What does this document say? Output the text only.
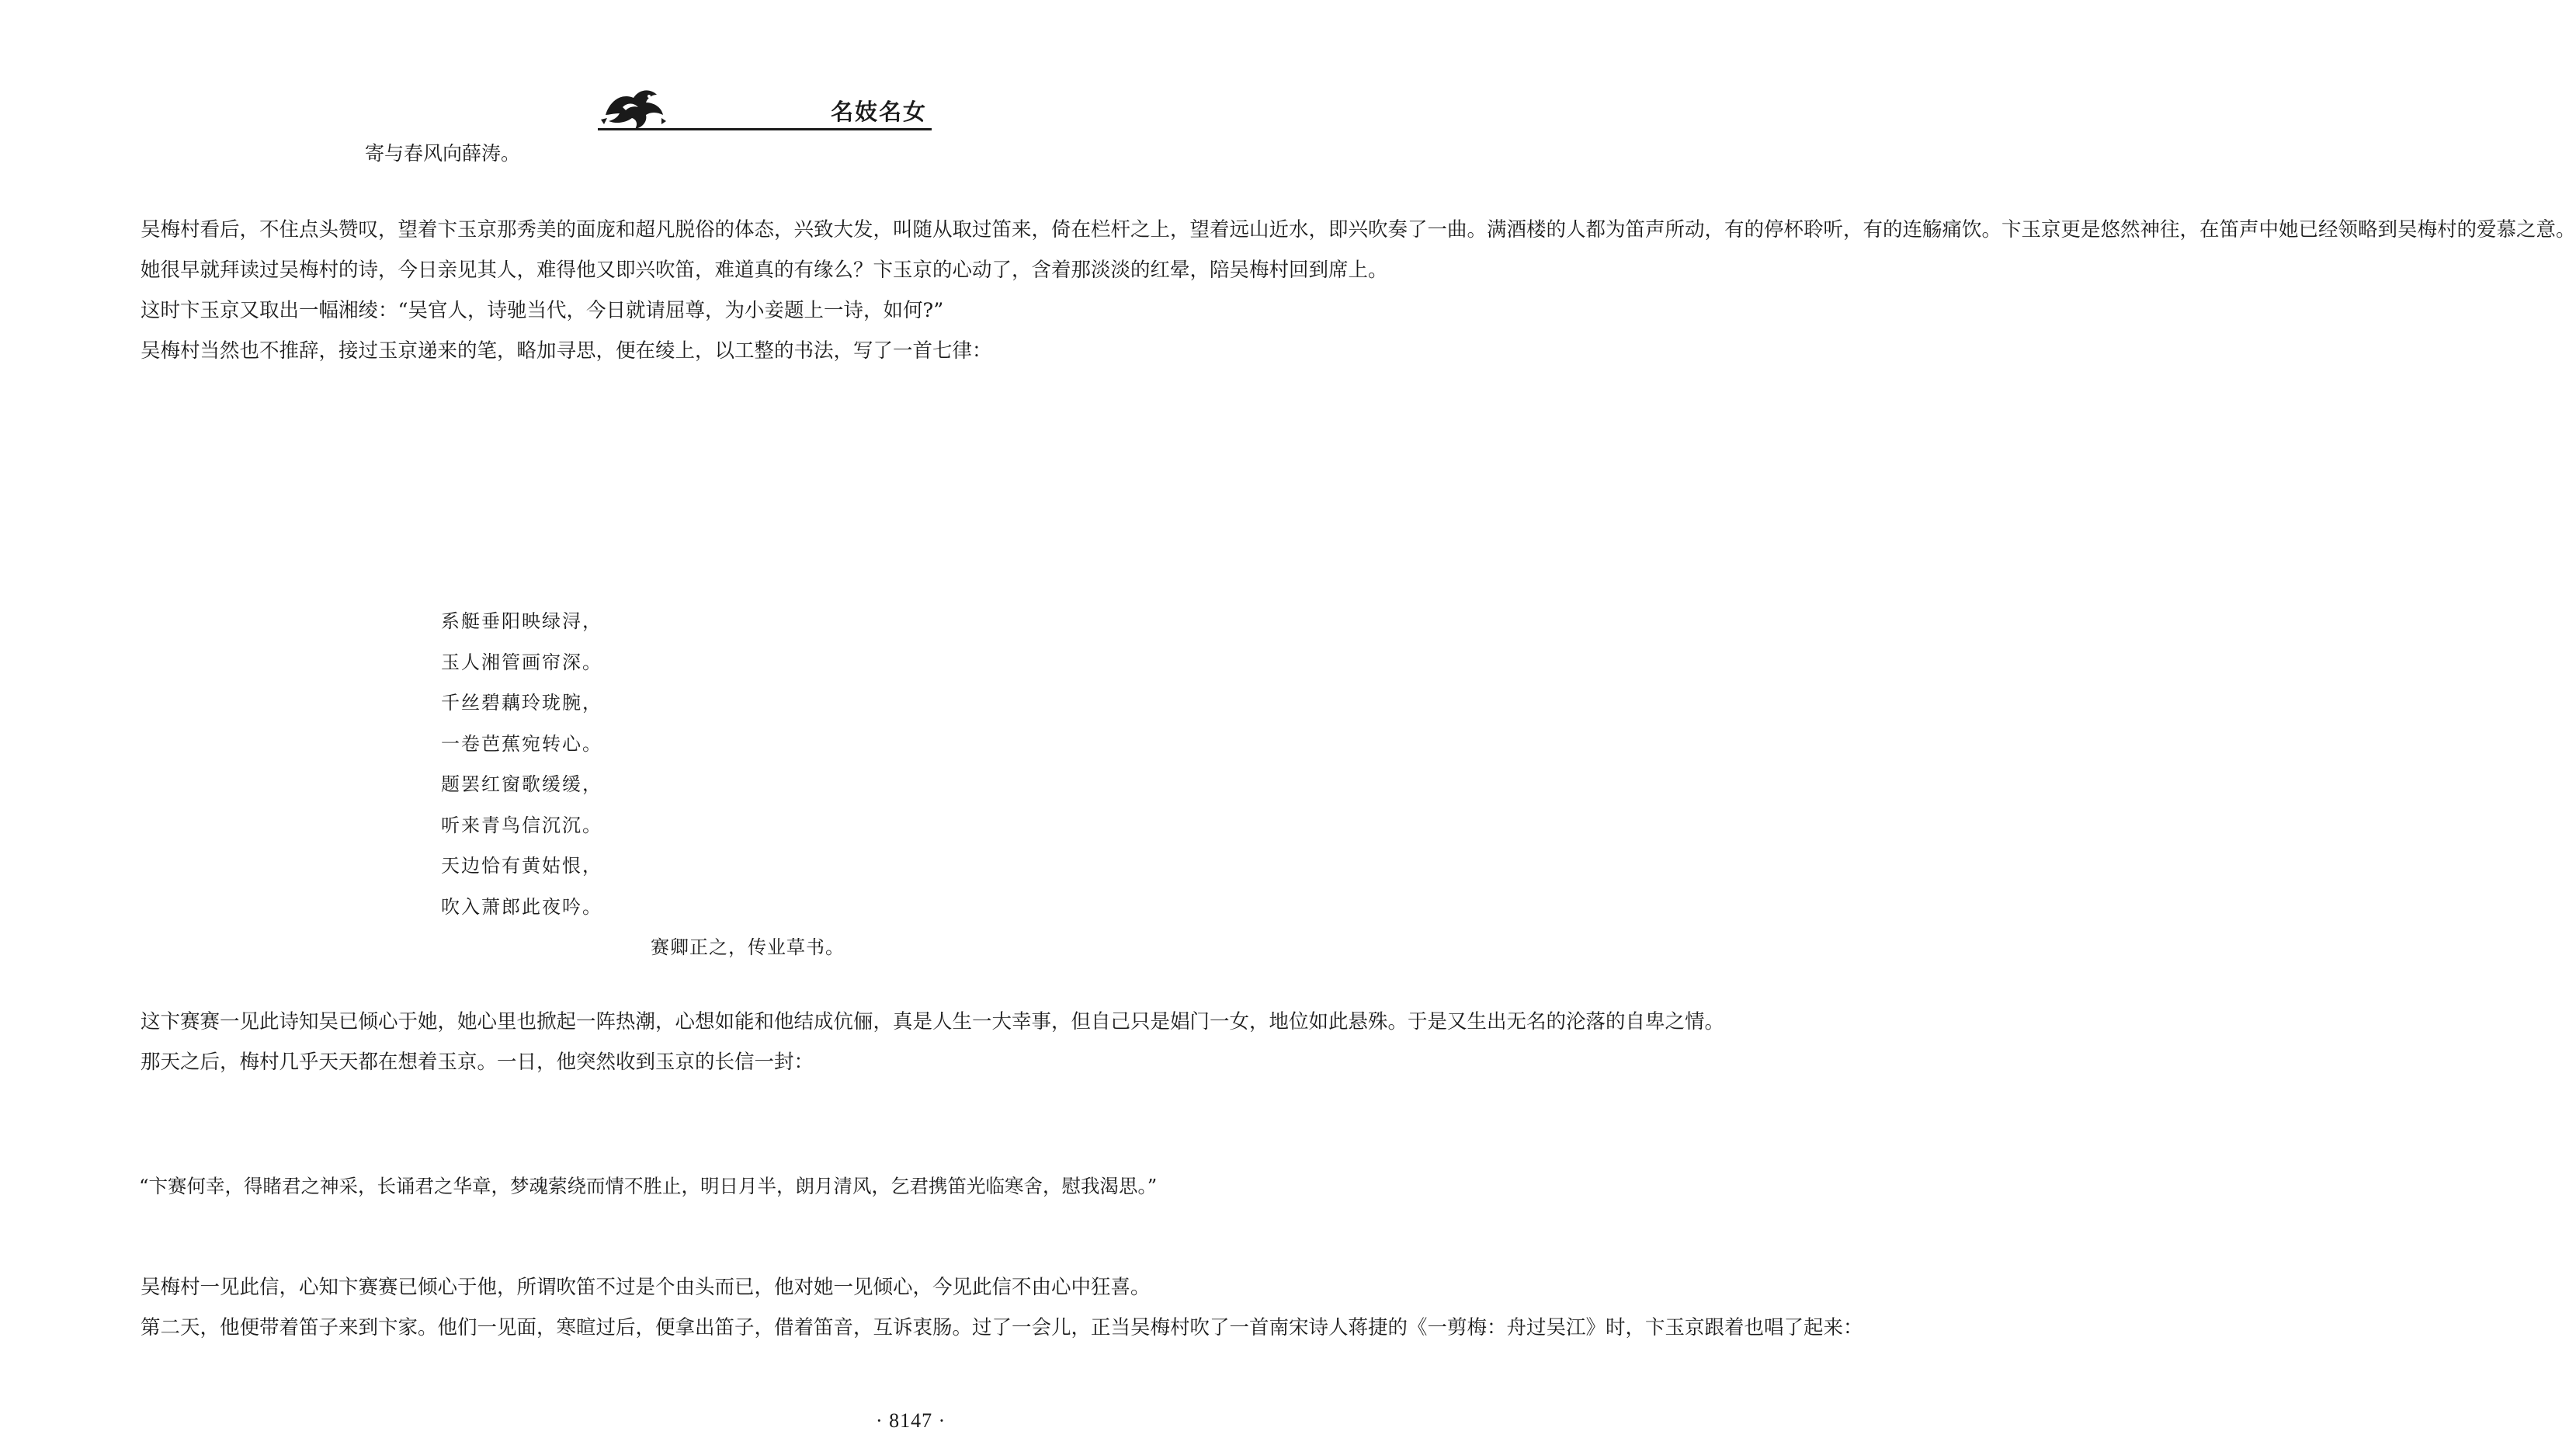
名妓名女
寄与春风向薛涛。

吴梅村看后，不住点头赞叹，望着卞玉京那秀美的面庞和超凡脱俗的体态，兴致大发，叫随从取过笛来，倚在栏杆之上，望着远山近水，即兴吹奏了一曲。满酒楼的人都为笛声所动，有的停杯聆听，有的连觞痛饮。卞玉京更是悠然神往，在笛声中她已经领略到吴梅村的爱慕之意。

她很早就拜读过吴梅村的诗，今日亲见其人，难得他又即兴吹笛，难道真的有缘么？卞玉京的心动了，含着那淡淡的红晕，陪吴梅村回到席上。

这时卞玉京又取出一幅湘绫：“吴官人，诗驰当代，今日就请屈尊，为小妾题上一诗，如何?”

吴梅村当然也不推辞，接过玉京递来的笔，略加寻思，便在绫上，以工整的书法，写了一首七律：

系艇垂阳映绿浔，
玉人湘管画帘深。
千丝碧藕玲珑腕，
一卷芭蕉宛转心。
题罢红窗歌缓缓，
听来青鸟信沉沉。
天边恰有黄姑恨，
吹入萧郎此夜吟。
赛卿正之，传业草书。

这卞赛赛一见此诗知吴已倾心于她，她心里也掀起一阵热潮，心想如能和他结成伉俪，真是人生一大幸事，但自己只是娼门一女，地位如此悬殊。于是又生出无名的沦落的自卑之情。

那天之后，梅村几乎天天都在想着玉京。一日，他突然收到玉京的长信一封：

“卞赛何幸，得睹君之神采，长诵君之华章，梦魂萦绕而情不胜止，明日月半，朗月清风，乞君携笛光临寒舍，慰我渴思。”

吴梅村一见此信，心知卞赛赛已倾心于他，所谓吹笛不过是个由头而已，他对她一见倾心，今见此信不由心中狂喜。

第二天，他便带着笛子来到卞家。他们一见面，寒暄过后，便拿出笛子，借着笛音，互诉衷肠。过了一会儿，正当吴梅村吹了一首南宋诗人蒋捷的《一剪梅：舟过吴江》时，卞玉京跟着也唱了起来：

· 8147 ·
